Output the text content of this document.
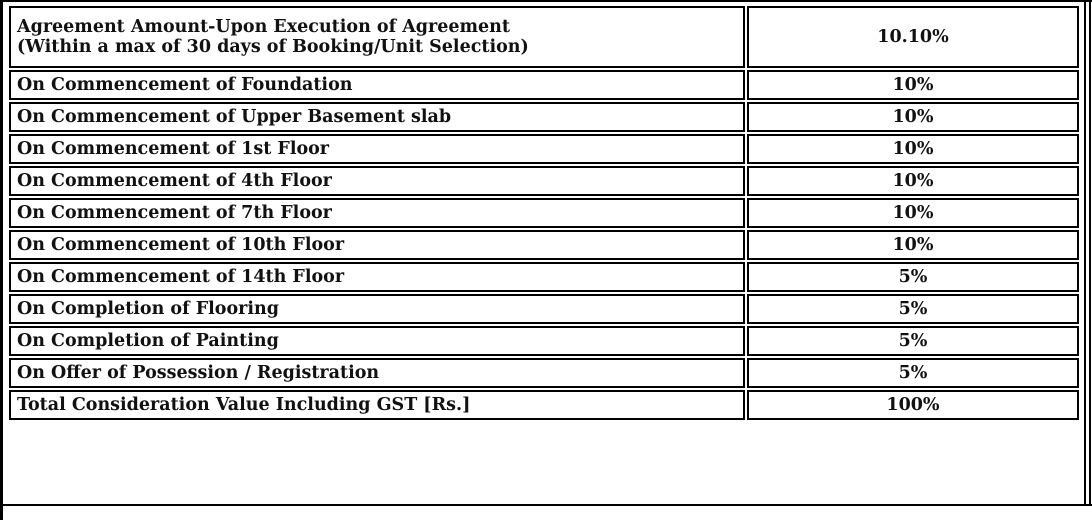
Agreement Amount-Upon Execution of Agreement
(Within a max of 30 days of Booking/Unit Selection)	10.10%
On Commencement of Foundation	10%
On Commencement of Upper Basement slab	10%
On Commencement of 1st Floor	10%
On Commencement of 4th Floor	10%
On Commencement of 7th Floor	10%
On Commencement of 10th Floor	10%
On Commencement of 14th Floor	5%
On Completion of Flooring	5%
On Completion of Painting	5%
On Offer of Possession / Registration	5%
Total Consideration Value Including GST [Rs.]	100%
